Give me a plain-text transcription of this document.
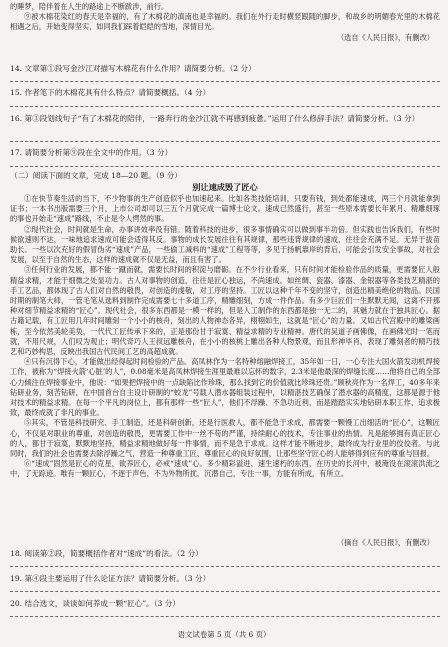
的睡梦，陪伴着在人生的路途上不断跋涉，前行。

⑨被木棉花染红的春天是幸福的，有了木棉花的滇南也是幸福的。我们在外行走时横竖跟随的脚步，和故乡的明媚春光里的木棉花相遇之后，开始变得坚实，如同我们踩着皑皑的雪地，深情目光。

（选自《人民日报》，有删改）

14. 文章第①段写金沙江对描写木棉花有什么作用？请简要分析。（2 分）

15. 作者笔下的木棉花具有什么特点？请简要概括。（4 分）

16. 第③段划线句子“有了木棉花的陪伴，一路奔行的金沙江就不再感到疲惫。”运用了什么修辞手法？请简要分析。（3 分）

17. 请简要分析第⑨段在全文中的作用。（3 分）

（二）阅读下面的文章，完成 18—20 题。（9 分）

别让速成毁了匠心

①在快节奏生活的当下，不少物事的生产创造似乎也加速起来。比如各类技能培训，只要有钱，到处都能速成，两三个月就能拿到证书；一本书出版需要三个月，上市公司却可以三五个月就完成一篇博士论文。速成已然盛行，甚至一些原本需要长年累月、精雕细琢的事也开始走“速成”路线，不止是令人愕然的事。

②现代社会，时间就是生命，办事讲效率没有错。随着科技的进步，很多事情确实可以做到事半功倍。但实践也告诉我们，有些时候欲速则不达，一味地追求速成可能会适得其反。事物的成长发展往往有其规律，那些违背规律的速成，往往会充满不足。无异于拔苗助长。一些以次充好的假冒伪劣“速成”产品，一些偷工减料的“速成”工程等等，多见于扬帆靠岸的背后，可能会引发安全事故，对社会发展，以至于自然的生态，这样的速成就不仅是无益，而且有害了。

③任何行业的发展，都不能一蹴而就，需要长时间的积淀与磨砺。在不少行业看来，只有时间才能检验作品的质量，更需要匠人般精益求精，才能于细微之处显功力。古人对事物的创造，往往是匠心独运，不尚速成。如丝绸、瓷器、漆器、金银器等各类技艺精湛的手工艺品，都体现了古人们对自然的敬畏，对创造的虔敬，对工序的坚持。工匠以这种千年不变的坚守，创造出精美绝伦的物品。民国时期的制笔大师，一管毛笔从选料到制作完成需要七十多道工序，精雕细刻，方成一件作品。有多少巨匠们一生默默无闻，这离不开那种对细节精益求精的“匠心”。现代社会，很多东西都是一模一样的，但是人工制作的东西都是独一无二的，其魅力就在于独具匠心。据古籍记载，有工匠用几年时间雕刻一个小小的核舟，刻出的人物神态各异，栩栩如生，这就是“匠心”的力量。又如古代宫殿中的雕梁画栋，至今依然美轮美奂，一代代工匠传承下来的，正是那份甘于寂寞、精益求精的专业精神。唐代的吴道子画佛像，在画佛光时一笔而就，不用尺规，人们叹为观止；明代奇巧人王叔远雕核舟，在小小的核桃上雕出各种人物景观，而且形神毕肖，表现了雕刻者的精巧技艺和巧妙构思，反映出我国古代民间工艺的高超成就。

④只有沉得下心，才能做出经得起时间检验的产品。高凤林作为一名特种熔融焊接工，35年如一日，一心专注大国火箭发动机焊接工作，被称为“焊接火箭‘心脏’的人”，0.08毫米是高凤林焊接生涯里最难以忘怀的数字，2.3米是他最深的焊缝长度……他将自己的全部心力倾注在焊接事业中，他说：“如果把焊接中的一点缺陷比作珍珠，那么找到它的价值就比珍珠还贵。”顾秋亮作为一名焊工，40多年来钻研业务，刻苦钻研，在中国首台自主设计研制的“蛟龙”号载人潜水器组装过程中，以精湛技艺确保了潜水器的高精度，这都是源于他对技术的精益求精。在每一个平凡的岗位上，都有那样一些“匠人”，他们不浮躁、不急功近利，而是踏踏实实地钻研本职工作，追求极致，最终成就了非凡的事业。

⑤其实，不管是科技研究、手工制造，还是科研创新，还是行医救人，都不能急于求成，都需要一颗慢工出细活的“匠心”，这颗匠心，不仅是对职业的尊重，对创造的敬畏，更需要工作中一丝不苟的严谨，持续耐心的技术，专注事业的热情。凡是能够拥有真正匠心的人，都甘于寂寞，默默地坚持，精益求精地做好每一件事情，而不是急于求成。这样才能不断进步，最终成为行业里的佼佼者。与此同时，我们的社会也需要去除浮躁之气，营造一种尊重工匠、尊重匠心的良好氛围，让那些坚守匠心的人能够得到应有的尊重与回报。

⑥“速成”固然是匠心的克星，欲养匠心，必戒“速成”心。多少精彩溢进、速生速朽的东西，在历史的长河中，被淹没在滚滚洪流之中，了无踪迹。唯有一颗匠心，不逐于声色，不为外物所扰，沉潜自己，专注一事，方能有所成，有所立。

（摘自《人民日报》，有删改）

18. 阅读第②段，简要概括作者对“速成”的看法。（2 分）

19. 第④段主要运用了什么论证方法？请简要分析。（3 分）

20. 结合选文，谈谈如何养成一颗“匠心”。（3 分）

语文试卷第 5 页（共 6 页）
